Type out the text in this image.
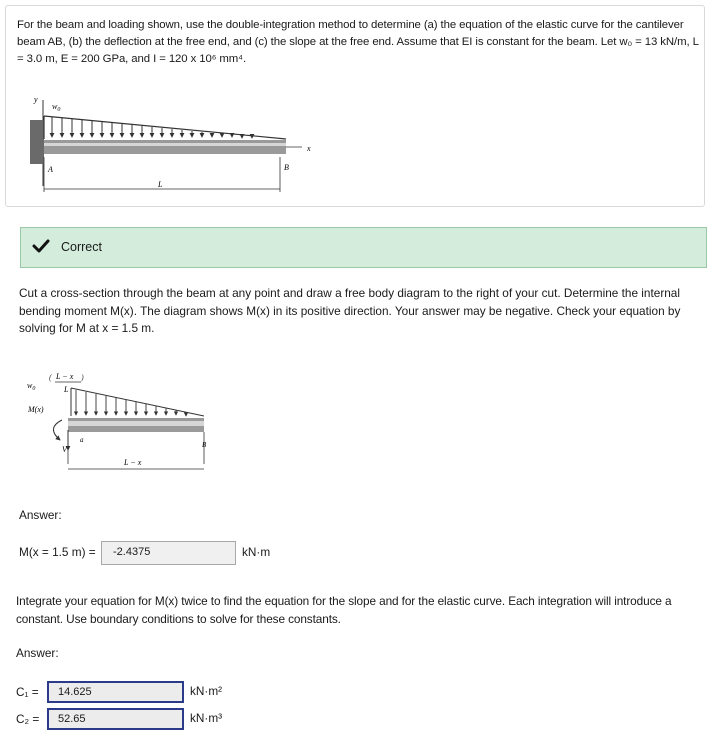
For the beam and loading shown, use the double-integration method to determine (a) the equation of the elastic curve for the cantilever beam AB, (b) the deflection at the free end, and (c) the slope at the free end. Assume that EI is constant for the beam. Let w₀ = 13 kN/m, L = 3.0 m, E = 200 GPa, and I = 120 x 10⁶ mm⁴.
y
$w_0$
x
A	B
L
Correct
Cut a cross-section through the beam at any point and draw a free body diagram to the right of your cut. Determine the internal bending moment M(x). The diagram shows M(x) in its positive direction. Your answer may be negative. Check your equation by solving for M at x = 1.5 m.
$w_0$
( L − x
L
)
M(x)
a
V	B
L − x
Answer:
M(x = 1.5 m) =	-2.4375	kN·m
Integrate your equation for M(x) twice to find the equation for the slope and for the elastic curve. Each integration will introduce a constant. Use boundary conditions to solve for these constants.
Answer:
C₁ =	14.625	kN·m²
C₂ =	52.65	kN·m³
